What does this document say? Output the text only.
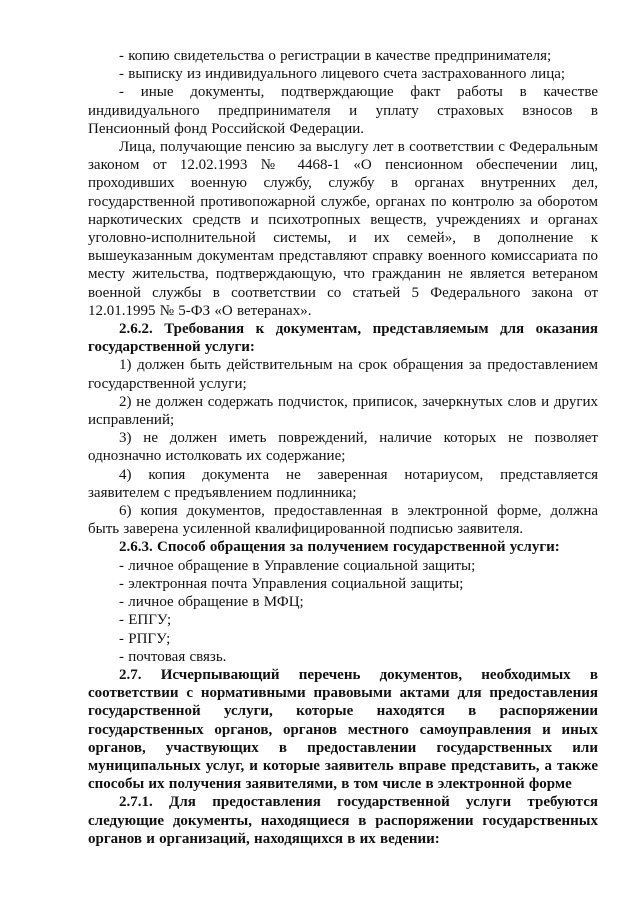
- копию свидетельства о регистрации в качестве предпринимателя;

- выписку из индивидуального лицевого счета застрахованного лица;

- иные документы, подтверждающие факт работы в качестве индивидуального предпринимателя и уплату страховых взносов в Пенсионный фонд Российской Федерации.

Лица, получающие пенсию за выслугу лет в соответствии с Федеральным законом от 12.02.1993 № 4468-1 «О пенсионном обеспечении лиц, проходивших военную службу, службу в органах внутренних дел, государственной противопожарной службе, органах по контролю за оборотом наркотических средств и психотропных веществ, учреждениях и органах уголовно-исполнительной системы, и их семей», в дополнение к вышеуказанным документам представляют справку военного комиссариата по месту жительства, подтверждающую, что гражданин не является ветераном военной службы в соответствии со статьей 5 Федерального закона от 12.01.1995 № 5-ФЗ «О ветеранах».

2.6.2. Требования к документам, представляемым для оказания государственной услуги:

1) должен быть действительным на срок обращения за предоставлением государственной услуги;

2) не должен содержать подчисток, приписок, зачеркнутых слов и других исправлений;

3) не должен иметь повреждений, наличие которых не позволяет однозначно истолковать их содержание;

4) копия документа не заверенная нотариусом, представляется заявителем с предъявлением подлинника;

6) копия документов, предоставленная в электронной форме, должна быть заверена усиленной квалифицированной подписью заявителя.

2.6.3. Способ обращения за получением государственной услуги:

- личное обращение в Управление социальной защиты;

- электронная почта Управления социальной защиты;

- личное обращение в МФЦ;

- ЕПГУ;

- РПГУ;

- почтовая связь.

2.7. Исчерпывающий перечень документов, необходимых в соответствии с нормативными правовыми актами для предоставления государственной услуги, которые находятся в распоряжении государственных органов, органов местного самоуправления и иных органов, участвующих в предоставлении государственных или муниципальных услуг, и которые заявитель вправе представить, а также способы их получения заявителями, в том числе в электронной форме

2.7.1. Для предоставления государственной услуги требуются следующие документы, находящиеся в распоряжении государственных органов и организаций, находящихся в их ведении:
